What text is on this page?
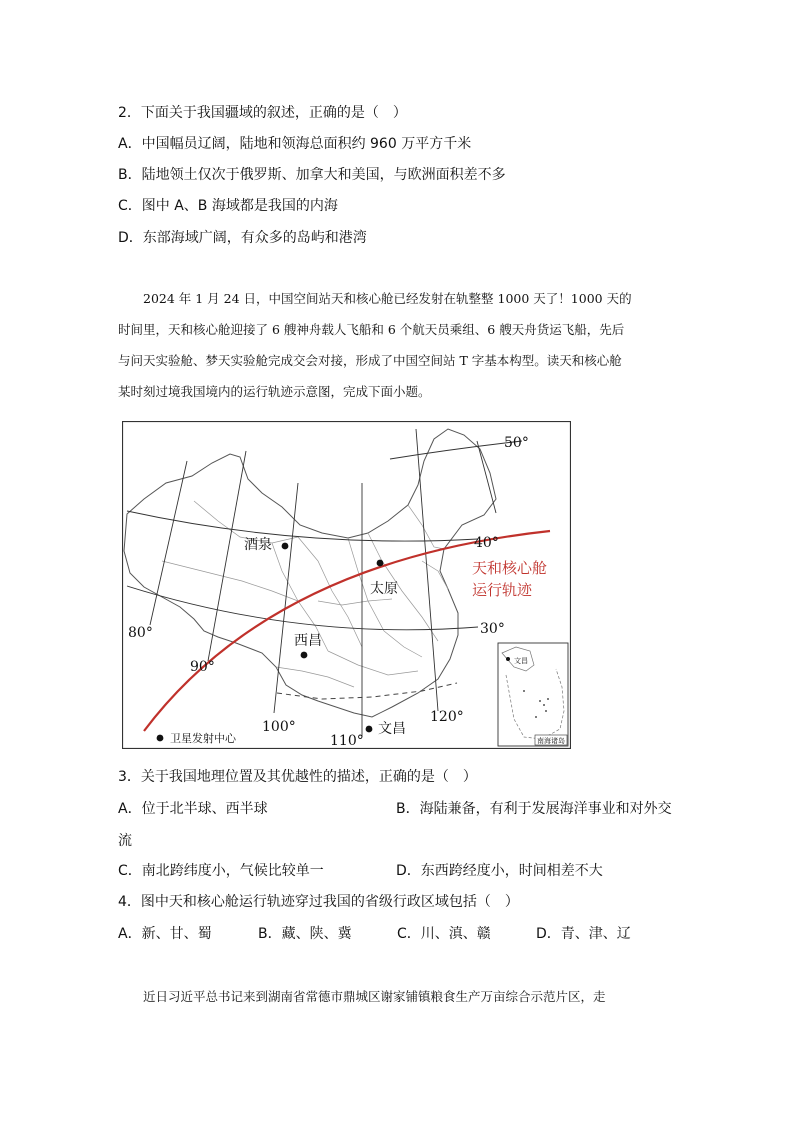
2．下面关于我国疆域的叙述，正确的是（　）
A．中国幅员辽阔，陆地和领海总面积约 960 万平方千米
B．陆地领土仅次于俄罗斯、加拿大和美国，与欧洲面积差不多
C．图中 A、B 海域都是我国的内海
D．东部海域广阔，有众多的岛屿和港湾

2024 年 1 月 24 日，中国空间站天和核心舱已经发射在轨整整 1000 天了！1000 天的

时间里，天和核心舱迎接了 6 艘神舟载人飞船和 6 个航天员乘组、6 艘天舟货运飞船，先后
与问天实验舱、梦天实验舱完成交会对接，形成了中国空间站 T 字基本构型。读天和核心舱
某时刻过境我国境内的运行轨迹示意图，完成下面小题。
酒泉
太原
西昌
文昌
50°
40°
30°
80°
90°
100°
110°
120°
天和核心舱
运行轨迹
卫星发射中心
文昌
南海诸岛
3．关于我国地理位置及其优越性的描述，正确的是（　）
A．位于北半球、西半球	B．海陆兼备，有利于发展海洋事业和对外交
流
C．南北跨纬度小，气候比较单一	D．东西跨经度小，时间相差不大
4．图中天和核心舱运行轨迹穿过我国的省级行政区域包括（　）
A．新、甘、蜀	B．藏、陕、冀	C．川、滇、赣	D．青、津、辽

近日习近平总书记来到湖南省常德市鼎城区谢家铺镇粮食生产万亩综合示范片区，走
